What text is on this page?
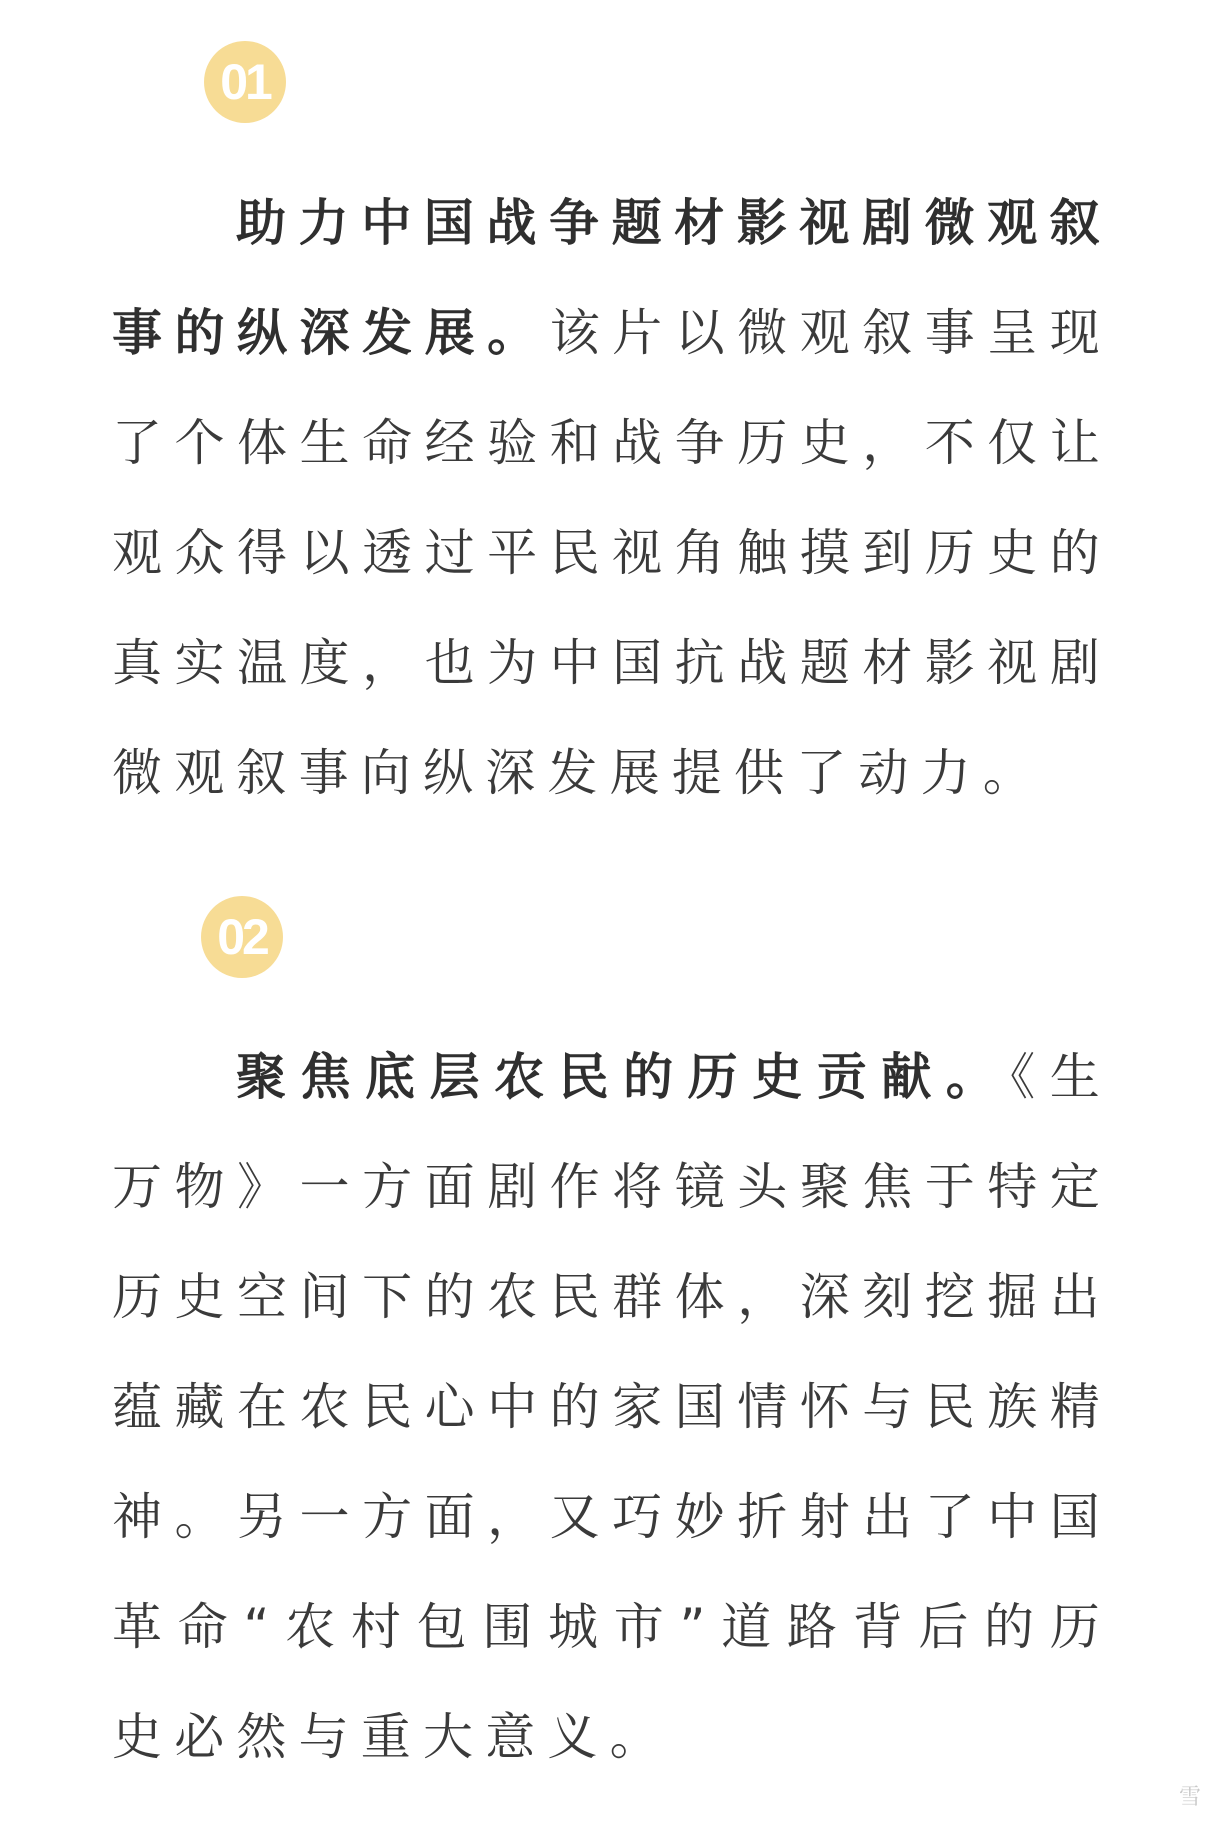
01

助力中国战争题材影视剧微观叙事的纵深发展。该片以微观叙事呈现了个体生命经验和战争历史，不仅让观众得以透过平民视角触摸到历史的真实温度，也为中国抗战题材影视剧微观叙事向纵深发展提供了动力。

02

聚焦底层农民的历史贡献。《生万物》一方面剧作将镜头聚焦于特定历史空间下的农民群体，深刻挖掘出蕴藏在农民心中的家国情怀与民族精神。另一方面，又巧妙折射出了中国革命“农村包围城市”道路背后的历史必然与重大意义。

雪
